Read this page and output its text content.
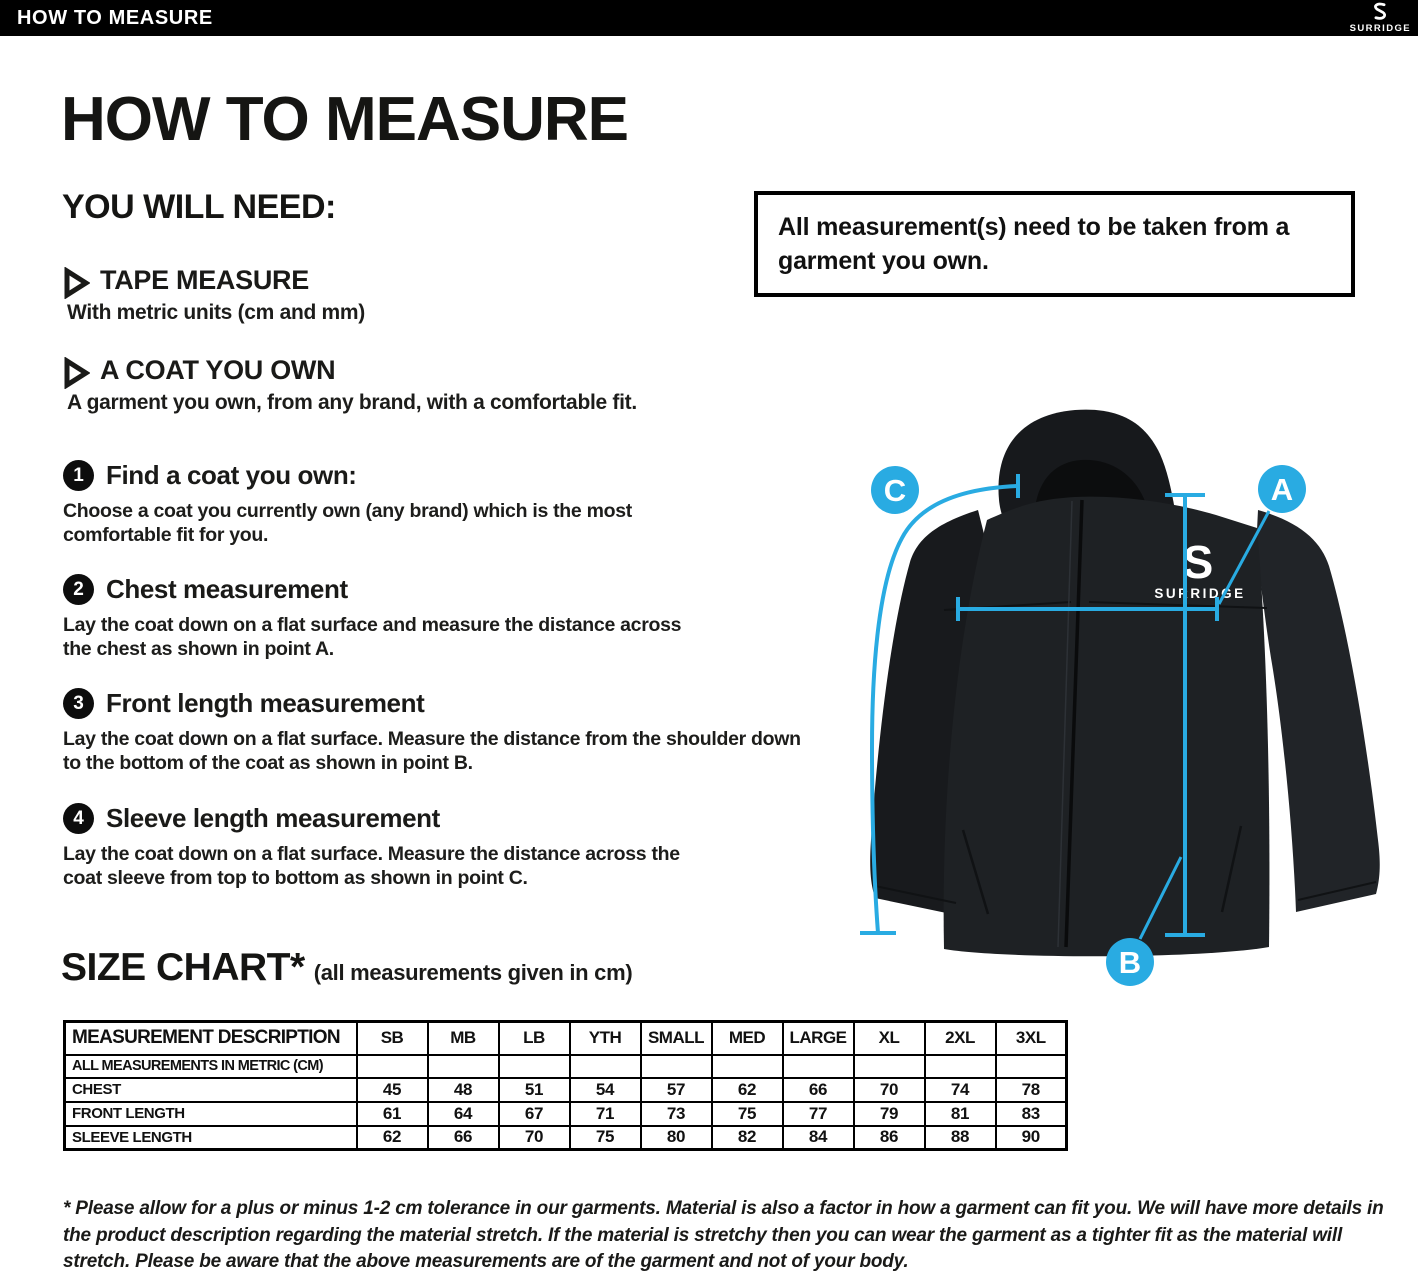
HOW TO MEASURE	SURRIDGE
HOW TO MEASURE
YOU WILL NEED:
TAPE MEASURE
With metric units (cm and mm)
A COAT YOU OWN
A garment you own, from any brand, with a comfortable fit.
All measurement(s) need to be taken from a garment you own.
1 Find a coat you own:
Choose a coat you currently own (any brand) which is the most comfortable fit for you.
2 Chest measurement
Lay the coat down on a flat surface and measure the distance across the chest as shown in point A.
3 Front length measurement
Lay the coat down on a flat surface. Measure the distance from the shoulder down to the bottom of the coat as shown in point B.
4 Sleeve length measurement
Lay the coat down on a flat surface. Measure the distance across the coat sleeve from top to bottom as shown in point C.
S
SURRIDGE
A
B
C
SIZE CHART* (all measurements given in cm)
MEASUREMENT DESCRIPTION	SB	MB	LB	YTH	SMALL	MED	LARGE	XL	2XL	3XL
ALL MEASUREMENTS IN METRIC (CM)										
CHEST	45	48	51	54	57	62	66	70	74	78
FRONT LENGTH	61	64	67	71	73	75	77	79	81	83
SLEEVE LENGTH	62	66	70	75	80	82	84	86	88	90

* Please allow for a plus or minus 1-2 cm tolerance in our garments. Material is also a factor in how a garment can fit you. We will have more details in the product description regarding the material stretch. If the material is stretchy then you can wear the garment as a tighter fit as the material will stretch. Please be aware that the above measurements are of the garment and not of your body.
